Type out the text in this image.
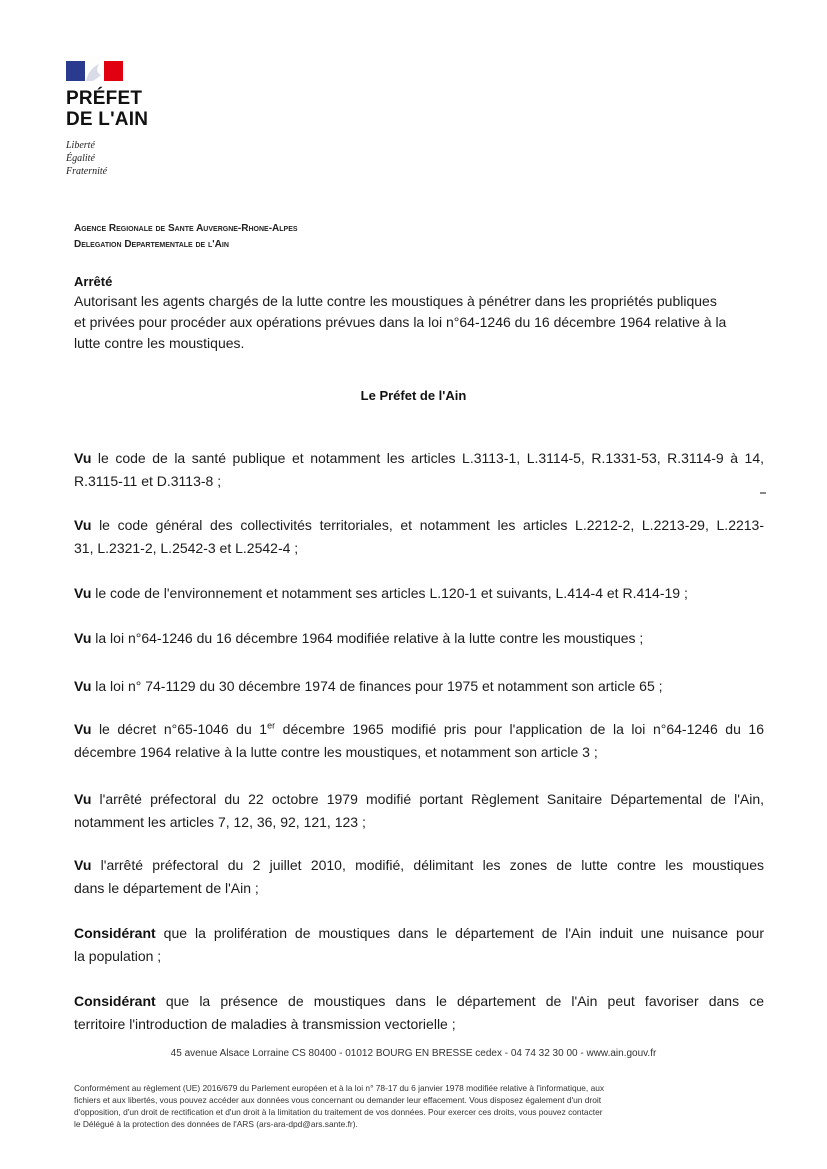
PRÉFET
DE L'AIN
Liberté
Égalité
Fraternité
Agence Regionale de Sante Auvergne-Rhone-Alpes
Delegation Departementale de l'Ain
Arrêté
Autorisant les agents chargés de la lutte contre les moustiques à pénétrer dans les propriétés publiques
et privées pour procéder aux opérations prévues dans la loi n°64-1246 du 16 décembre 1964 relative à la
lutte contre les moustiques.
Le Préfet de l'Ain
Vu le code de la santé publique et notamment les articles L.3113-1, L.3114-5, R.1331-53, R.3114-9 à 14,
R.3115-11 et D.3113-8 ;
Vu le code général des collectivités territoriales, et notamment les articles L.2212-2, L.2213-29, L.2213-
31, L.2321-2, L.2542-3 et L.2542-4 ;
Vu le code de l'environnement et notamment ses articles L.120-1 et suivants, L.414-4 et R.414-19 ;
Vu la loi n°64-1246 du 16 décembre 1964 modifiée relative à la lutte contre les moustiques ;
Vu la loi n° 74-1129 du 30 décembre 1974 de finances pour 1975 et notamment son article 65 ;
Vu le décret n°65-1046 du 1er décembre 1965 modifié pris pour l'application de la loi n°64-1246 du 16
décembre 1964 relative à la lutte contre les moustiques, et notamment son article 3 ;
Vu l'arrêté préfectoral du 22 octobre 1979 modifié portant Règlement Sanitaire Départemental de l'Ain,
notamment les articles 7, 12, 36, 92, 121, 123 ;
Vu l'arrêté préfectoral du 2 juillet 2010, modifié, délimitant les zones de lutte contre les moustiques
dans le département de l'Ain ;
Considérant que la prolifération de moustiques dans le département de l'Ain induit une nuisance pour
la population ;
Considérant que la présence de moustiques dans le département de l'Ain peut favoriser dans ce
territoire l'introduction de maladies à transmission vectorielle ;
45 avenue Alsace Lorraine CS 80400 - 01012 BOURG EN BRESSE cedex - 04 74 32 30 00 - www.ain.gouv.fr
Conformément au règlement (UE) 2016/679 du Parlement européen et à la loi n° 78-17 du 6 janvier 1978 modifiée relative à l'informatique, aux
fichiers et aux libertés, vous pouvez accéder aux données vous concernant ou demander leur effacement. Vous disposez également d'un droit
d'opposition, d'un droit de rectification et d'un droit à la limitation du traitement de vos données. Pour exercer ces droits, vous pouvez contacter
le Délégué à la protection des données de l'ARS (ars-ara-dpd@ars.sante.fr).
